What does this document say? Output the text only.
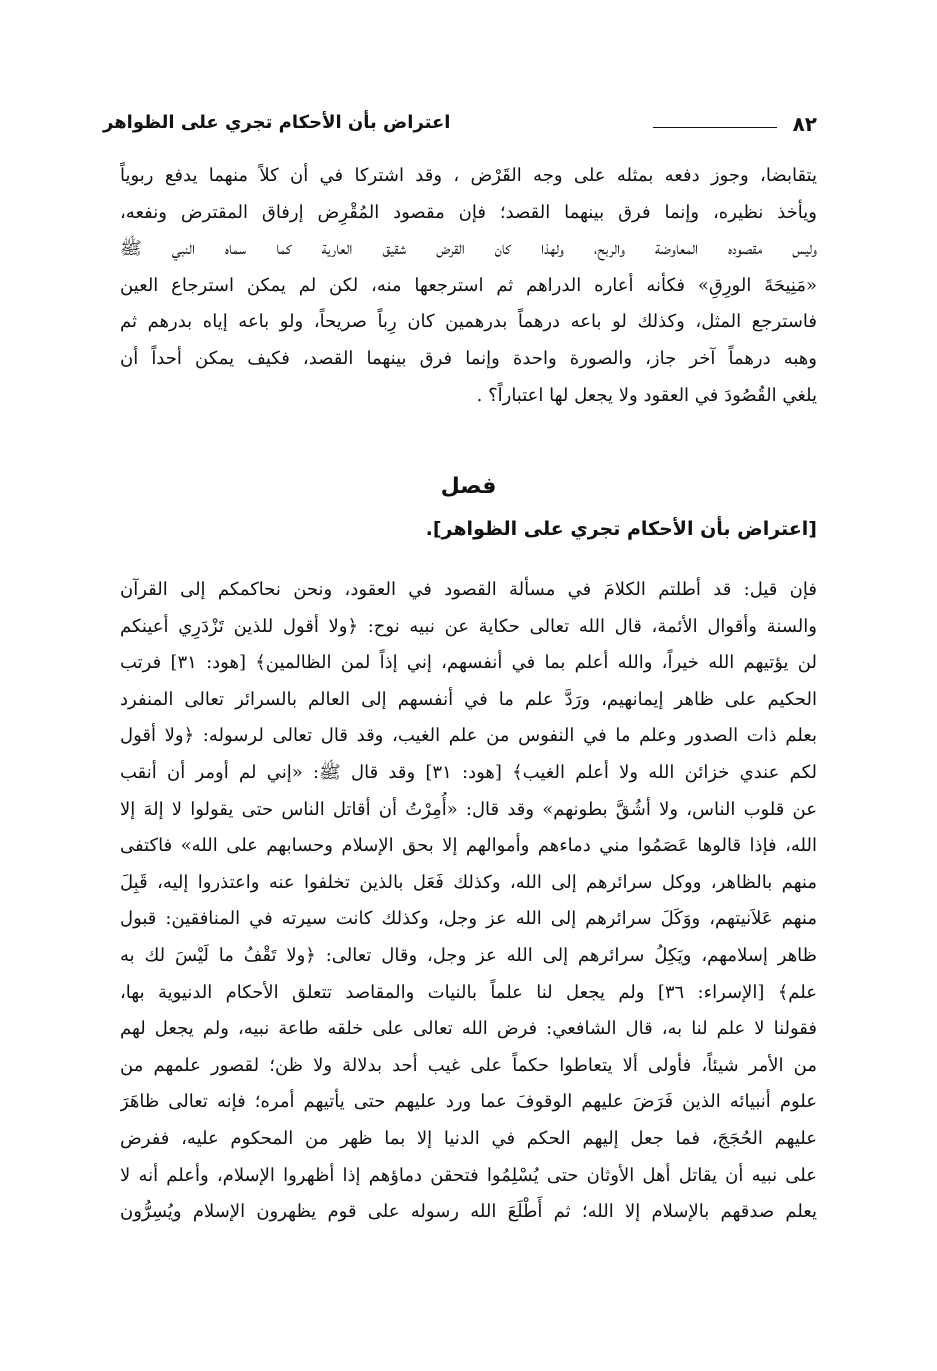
٨٢
اعتراض بأن الأحكام تجري على الظواهر
يتقابضا، وجوز دفعه بمثله على وجه القَرْض ، وقد اشتركا في أن كلاً منهما يدفع ربوياً
ويأخذ نظيره، وإنما فرق بينهما القصد؛ فإن مقصود المُقْرِض إرفاق المقترض ونفعه،
وليس مقصوده المعاوضة والربح، ولهذا كان القرض شقيق العارية كما سماه النبي ﷺ
«مَنِيحَةَ الورِقِ» فكأنه أعاره الدراهم ثم استرجعها منه، لكن لم يمكن استرجاع العين
فاسترجع المثل، وكذلك لو باعه درهماً بدرهمين كان رِباً صريحاً، ولو باعه إياه بدرهم ثم
وهبه درهماً آخر جاز، والصورة واحدة وإنما فرق بينهما القصد، فكيف يمكن أحداً أن
يلغي القُصُودَ في العقود ولا يجعل لها اعتباراً؟ .
فصل
[اعتراض بأن الأحكام تجري على الظواهر].
فإن قيل: قد أطلتم الكلامَ في مسألة القصود في العقود، ونحن نحاكمكم إلى القرآن
والسنة وأقوال الأئمة، قال الله تعالى حكاية عن نبيه نوح: ﴿ولا أقول للذين تَزْدَرِي أعينكم
لن يؤتيهم الله خيراً، والله أعلم بما في أنفسهم، إني إذاً لمن الظالمين﴾ [هود: ٣١] فرتب
الحكيم على ظاهر إيمانهيم، ورَدَّ علم ما في أنفسهم إلى العالم بالسرائر تعالى المنفرد
بعلم ذات الصدور وعلم ما في النفوس من علم الغيب، وقد قال تعالى لرسوله: ﴿ولا أقول
لكم عندي خزائن الله ولا أعلم الغيب﴾ [هود: ٣١] وقد قال ﷺ: «إني لم أومر أن أنقب
عن قلوب الناس، ولا أشُقَّ بطونهم» وقد قال: «أُمِرْتُ أن أقاتل الناس حتى يقولوا لا إلهَ إلا
الله، فإذا قالوها عَصَمُوا مني دماءهم وأموالهم إلا بحق الإسلام وحسابهم على الله» فاكتفى
منهم بالظاهر، ووكل سرائرهم إلى الله، وكذلك فَعَل بالذين تخلفوا عنه واعتذروا إليه، قَبِلَ
منهم عَلاَنيتهم، ووَكَلَ سرائرهم إلى الله عز وجل، وكذلك كانت سيرته في المنافقين: قبول
ظاهر إسلامهم، ويَكِلُ سرائرهم إلى الله عز وجل، وقال تعالى: ﴿ولا تَقْفُ ما لَيْسَ لك به
علم﴾ [الإسراء: ٣٦] ولم يجعل لنا علماً بالنيات والمقاصد تتعلق الأحكام الدنيوية بها،
فقولنا لا علم لنا به، قال الشافعي: فرض الله تعالى على خلقه طاعة نبيه، ولم يجعل لهم
من الأمر شيئاً، فأولى ألا يتعاطوا حكماً على غيب أحد بدلالة ولا ظن؛ لقصور علمهم من
علوم أنبيائه الذين فَرَضَ عليهم الوقوفَ عما ورد عليهم حتى يأتيهم أمره؛ فإنه تعالى ظاهَرَ
عليهم الحُجَجَ، فما جعل إليهم الحكم في الدنيا إلا بما ظهر من المحكوم عليه، ففرض
على نبيه أن يقاتل أهل الأوثان حتى يُسْلِمُوا فتحقن دماؤهم إذا أظهروا الإسلام، وأعلم أنه لا
يعلم صدقهم بالإسلام إلا الله؛ ثم أَطْلَعَ الله رسوله على قوم يظهرون الإسلام ويُسِرُّون
